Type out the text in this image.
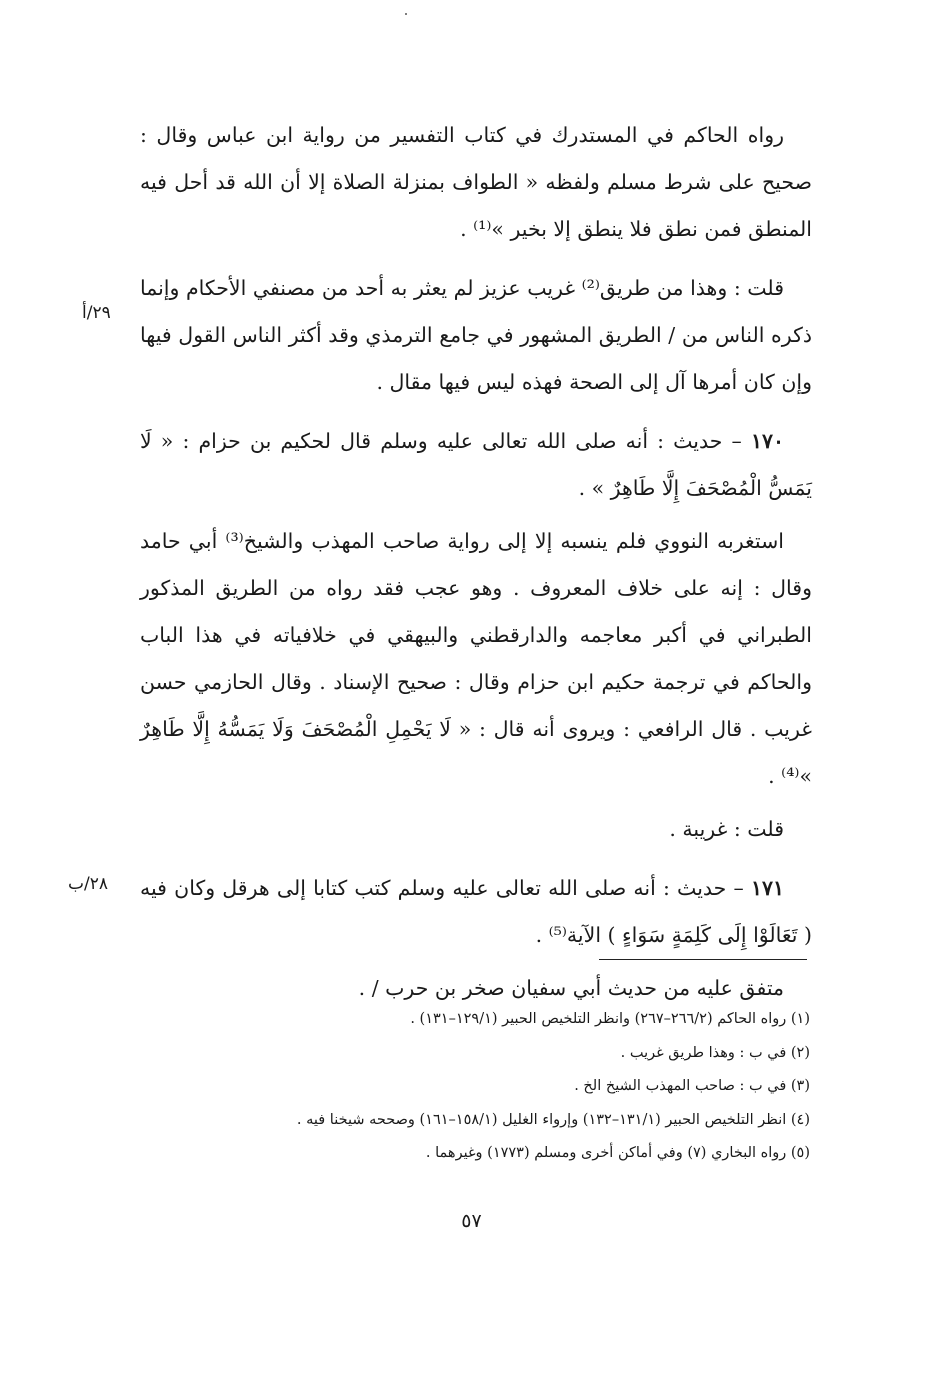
رواه الحاكم في المستدرك في كتاب التفسير من رواية ابن عباس وقال : صحيح على شرط مسلم ولفظه « الطواف بمنزلة الصلاة إلا أن الله قد أحل فيه المنطق فمن نطق فلا ينطق إلا بخير »⁽¹⁾ .

قلت : وهذا من طريق⁽²⁾ غريب عزيز لم يعثر به أحد من مصنفي الأحكام وإنما ذكره الناس من / الطريق المشهور في جامع الترمذي وقد أكثر الناس القول فيها وإن كان أمرها آل إلى الصحة فهذه ليس فيها مقال .

١٧٠ – حديث : أنه صلى الله تعالى عليه وسلم قال لحكيم بن حزام : « لَا يَمَسُّ الْمُصْحَفَ إِلَّا طَاهِرٌ » .

استغربه النووي فلم ينسبه إلا إلى رواية صاحب المهذب والشيخ⁽³⁾ أبي حامد وقال : إنه على خلاف المعروف . وهو عجب فقد رواه من الطريق المذكور الطبراني في أكبر معاجمه والدارقطني والبيهقي في خلافياته في هذا الباب والحاكم في ترجمة حكيم ابن حزام وقال : صحيح الإسناد . وقال الحازمي حسن غريب . قال الرافعي : ويروى أنه قال : « لَا يَحْمِلِ الْمُصْحَفَ وَلَا يَمَسُّهُ إِلَّا طَاهِرٌ »⁽⁴⁾ .

قلت : غريبة .

١٧١ – حديث : أنه صلى الله تعالى عليه وسلم كتب كتابا إلى هرقل وكان فيه ( تَعَالَوْا إِلَى كَلِمَةٍ سَوَاءٍ ) الآية⁽⁵⁾ .

متفق عليه من حديث أبي سفيان صخر بن حرب / .

٢٩/أ
٢٨/ب
(١) رواه الحاكم (٢٦٦/٢–٢٦٧) وانظر التلخيص الحبير (١٢٩/١–١٣١) .
(٢) في ب : وهذا طريق غريب .
(٣) في ب : صاحب المهذب الشيخ الخ .
(٤) انظر التلخيص الحبير (١٣١/١–١٣٢) وإرواء الغليل (١٥٨/١–١٦١) وصححه شيخنا فيه .
(٥) رواه البخاري (٧) وفي أماكن أخرى ومسلم (١٧٧٣) وغيرهما .
٥٧
